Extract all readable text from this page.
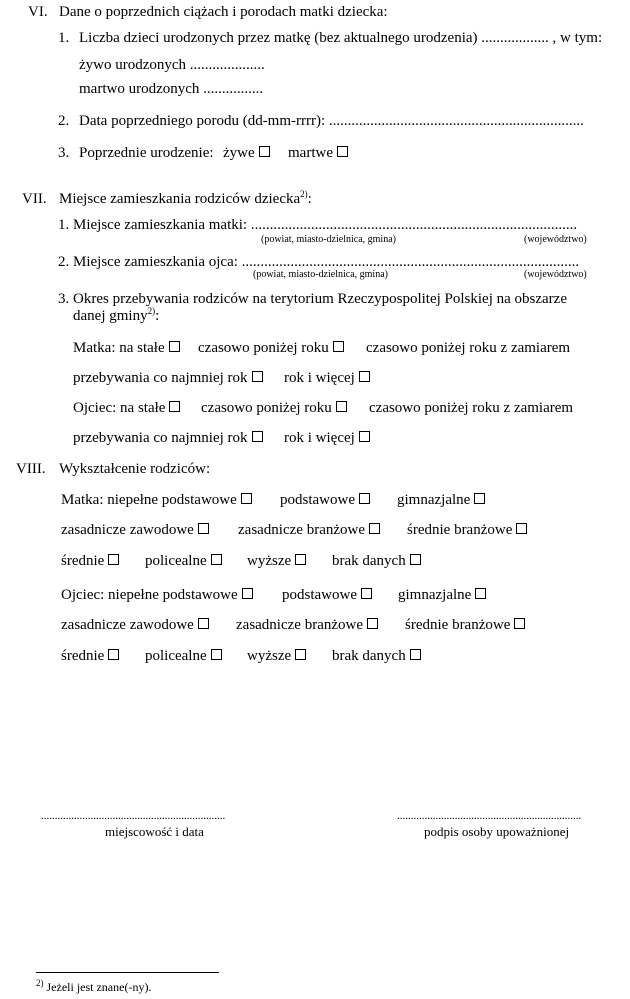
VI. Dane o poprzednich ciążach i porodach matki dziecka:
1. Liczba dzieci urodzonych przez matkę (bez aktualnego urodzenia) .................. , w tym:
żywo urodzonych ....................
martwo urodzonych ................
2. Data poprzedniego porodu (dd-mm-rrrr): ....................................................................
3. Poprzednie urodzenie: żywe	martwe
VII. Miejsce zamieszkania rodziców dziecka$^{2)}$:
1. Miejsce zamieszkania matki: .......................................................................................
(powiat, miasto-dzielnica, gmina)	(województwo)
2. Miejsce zamieszkania ojca: ..........................................................................................
(powiat, miasto-dzielnica, gmina)	(województwo)
3. Okres przebywania rodziców na terytorium Rzeczypospolitej Polskiej na obszarze
danej gminy$^{2)}$:
Matka: na stałe	czasowo poniżej roku	czasowo poniżej roku z zamiarem
przebywania co najmniej rok	rok i więcej
Ojciec: na stałe	czasowo poniżej roku	czasowo poniżej roku z zamiarem
przebywania co najmniej rok	rok i więcej
VIII. Wykształcenie rodziców:
Matka: niepełne podstawowe	podstawowe	gimnazjalne
zasadnicze zawodowe	zasadnicze branżowe	średnie branżowe
średnie	policealne	wyższe	brak danych
Ojciec: niepełne podstawowe	podstawowe	gimnazjalne
zasadnicze zawodowe	zasadnicze branżowe	średnie branżowe
średnie	policealne	wyższe	brak danych
...................................................................
miejscowość i data
...................................................................
podpis osoby upoważnionej
$^{2)}$ Jeżeli jest znane(-ny).
